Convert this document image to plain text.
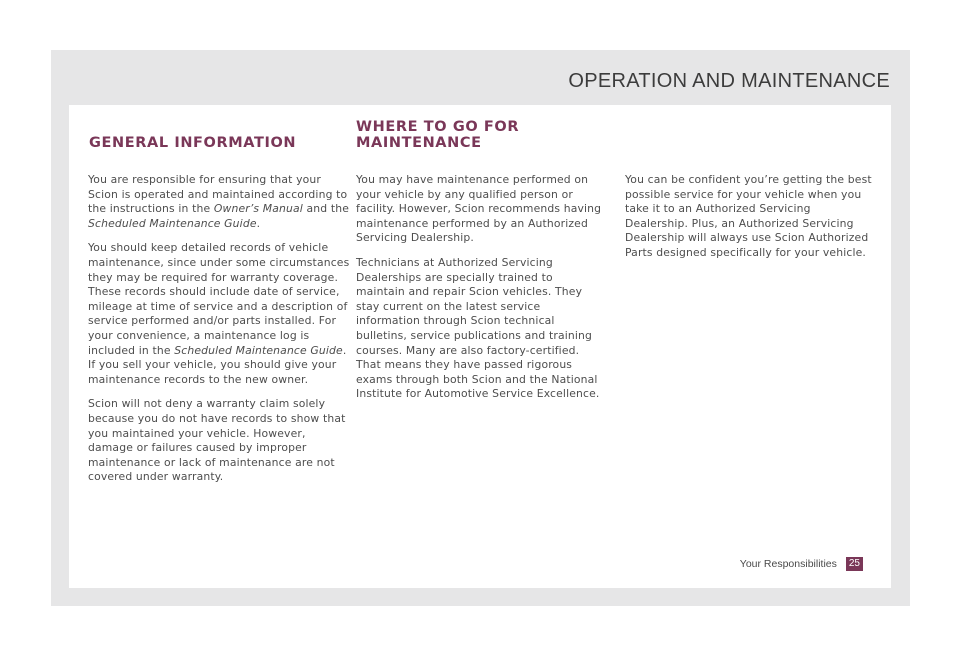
OPERATION AND MAINTENANCE
GENERAL INFORMATION
WHERE TO GO FOR
MAINTENANCE

You are responsible for ensuring that your Scion is operated and maintained according to the instructions in the Owner’s Manual and the Scheduled Maintenance Guide.

You should keep detailed records of vehicle maintenance, since under some circumstances they may be required for warranty coverage. These records should include date of service, mileage at time of service and a description of service performed and/or parts installed. For your convenience, a maintenance log is included in the Scheduled Maintenance Guide. If you sell your vehicle, you should give your maintenance records to the new owner.

Scion will not deny a warranty claim solely because you do not have records to show that you maintained your vehicle. However, damage or failures caused by improper maintenance or lack of maintenance are not covered under warranty.

You may have maintenance performed on your vehicle by any qualified person or facility. However, Scion recommends having maintenance performed by an Authorized Servicing Dealership.

Technicians at Authorized Servicing Dealerships are specially trained to maintain and repair Scion vehicles. They stay current on the latest service information through Scion technical bulletins, service publications and training courses. Many are also factory-certified. That means they have passed rigorous exams through both Scion and the National Institute for Automotive Service Excellence.

You can be confident you’re getting the best possible service for your vehicle when you take it to an Authorized Servicing Dealership. Plus, an Authorized Servicing Dealership will always use Scion Authorized Parts designed specifically for your vehicle.

Your Responsibilities	25
